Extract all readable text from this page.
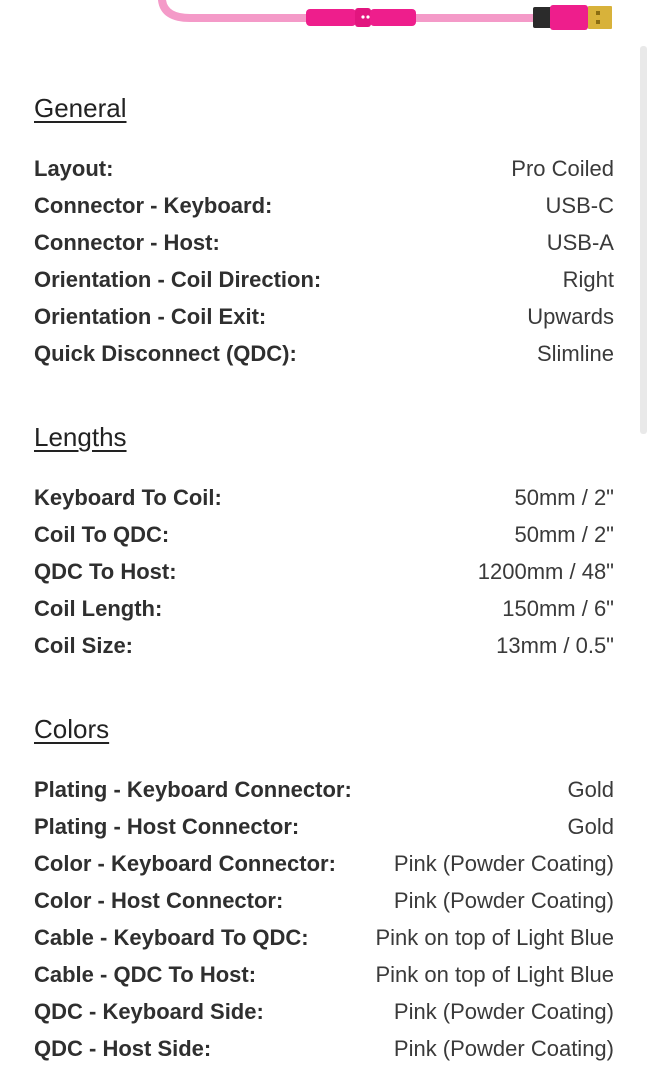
General
Layout:	Pro Coiled
Connector - Keyboard:	USB-C
Connector - Host:	USB-A
Orientation - Coil Direction:	Right
Orientation - Coil Exit:	Upwards
Quick Disconnect (QDC):	Slimline
Lengths
Keyboard To Coil:	50mm / 2"
Coil To QDC:	50mm / 2"
QDC To Host:	1200mm / 48"
Coil Length:	150mm / 6"
Coil Size:	13mm / 0.5"
Colors
Plating - Keyboard Connector:	Gold
Plating - Host Connector:	Gold
Color - Keyboard Connector:	Pink (Powder Coating)
Color - Host Connector:	Pink (Powder Coating)
Cable - Keyboard To QDC:	Pink on top of Light Blue
Cable - QDC To Host:	Pink on top of Light Blue
QDC - Keyboard Side:	Pink (Powder Coating)
QDC - Host Side:	Pink (Powder Coating)
